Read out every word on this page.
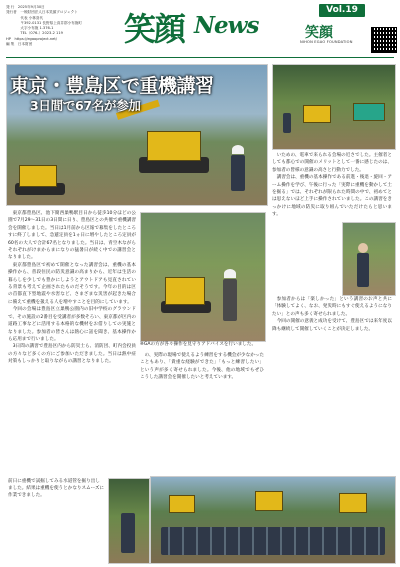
発 行　2025年9月30日
発行者　一般財団法人日本笑顔プロジェクト
　　　　代表 小林喜代
　　　　〒392-0131 長野県上高井郡小布施町
　　　　大字小布施 1.376-1
　　　　TEL（076-）2023-2 119
HP　https://egaoproject.net/
編 集　日本財団	笑顔 News
Vol.19
笑顔
NIHON EGAO FOUNDATION
東京・豊島区で重機講習
3日間で67名が参加

東京都豊島区、池下簡西巣鴨駅目日から徒歩10分ほどの公園で7月29〜31日の3日間に日り、豊島区との共催で重機講習会を開催しました。当日は1月前から区報で募集をしたところすに終了しまして、急遽定員を1ヵ日に増やしたところ定員が60名の大人で合計67名となりました。当日は、青空木ながらそれぞれがけまからまになりの猛暑日が続く中での講習会となりました。

東京都豊島区で初めて開催となった講習会は、重機の基本操作から、普段住民の防災意識の高まりから、近年は生活の暮らしを少しでも豊かにしようとアウトドアも見直されている背景も考えて企画されたものだそうです。今年の目的は区の首都直下型地震や水害など、さまざまな災害が起きた場合に備えて重機を扱える人を増やすことを目的にしています。

今回の会場は豊島区立巣鴨公園内の旧中学校のグラウンドで、その施設の2番目を受講者が多数そろい、東京都が区内の道路工事などに活用する本格的な機材をお借りしての実施となりました。参加者の皆さんは熱心に話を聞き、基本操作から応用まで行いました。

3日間の講習で豊島区内から防災士ら、消防団、町内会役員の方々など多くの方にご参加いただきました。当日は熱中症対策もしっかりと取りながらの講習となりました。

※GAの方が各々操作を見守りアドバイスを行いました。

の、実際の現場で使えるよう練習をする機会が少なかったこともあり、「貴重な経験ができた」「もっと練習したい」という声が多く寄せられました。今後、他の地域でもぜひこうした講習会を開催したいと考えています。

いための、電車で来られる会場の近さでした。主催者としても都心での開催のメリットとして一番に感じたのは、参加者の皆様の意識の高さと行動力でした。

講習会は、重機の基本操作である前進・後退・旋回・アーム操作を学び、午後に行った「実際に重機を動かして土を掘る」では、それぞれが限られた時間の中で、初めてとは思えないほど上手に操作されていました。この講習をきっかけに地域の防災に取り組んでいただけたらと思います。

参加者からは「楽しかった」という講習のお声と共に「体験してよく、なお、発災時にもすぐ使えるようになりたい」との声も多く寄せられました。

今回の開催の意義と成功を受けて、豊島区では来年度以降も継続して開催していくことが決定しました。

前日に重機で試掘してみる水道管を掘り出しました。結果は重機を使うとかなりスムーズに作業できました。
